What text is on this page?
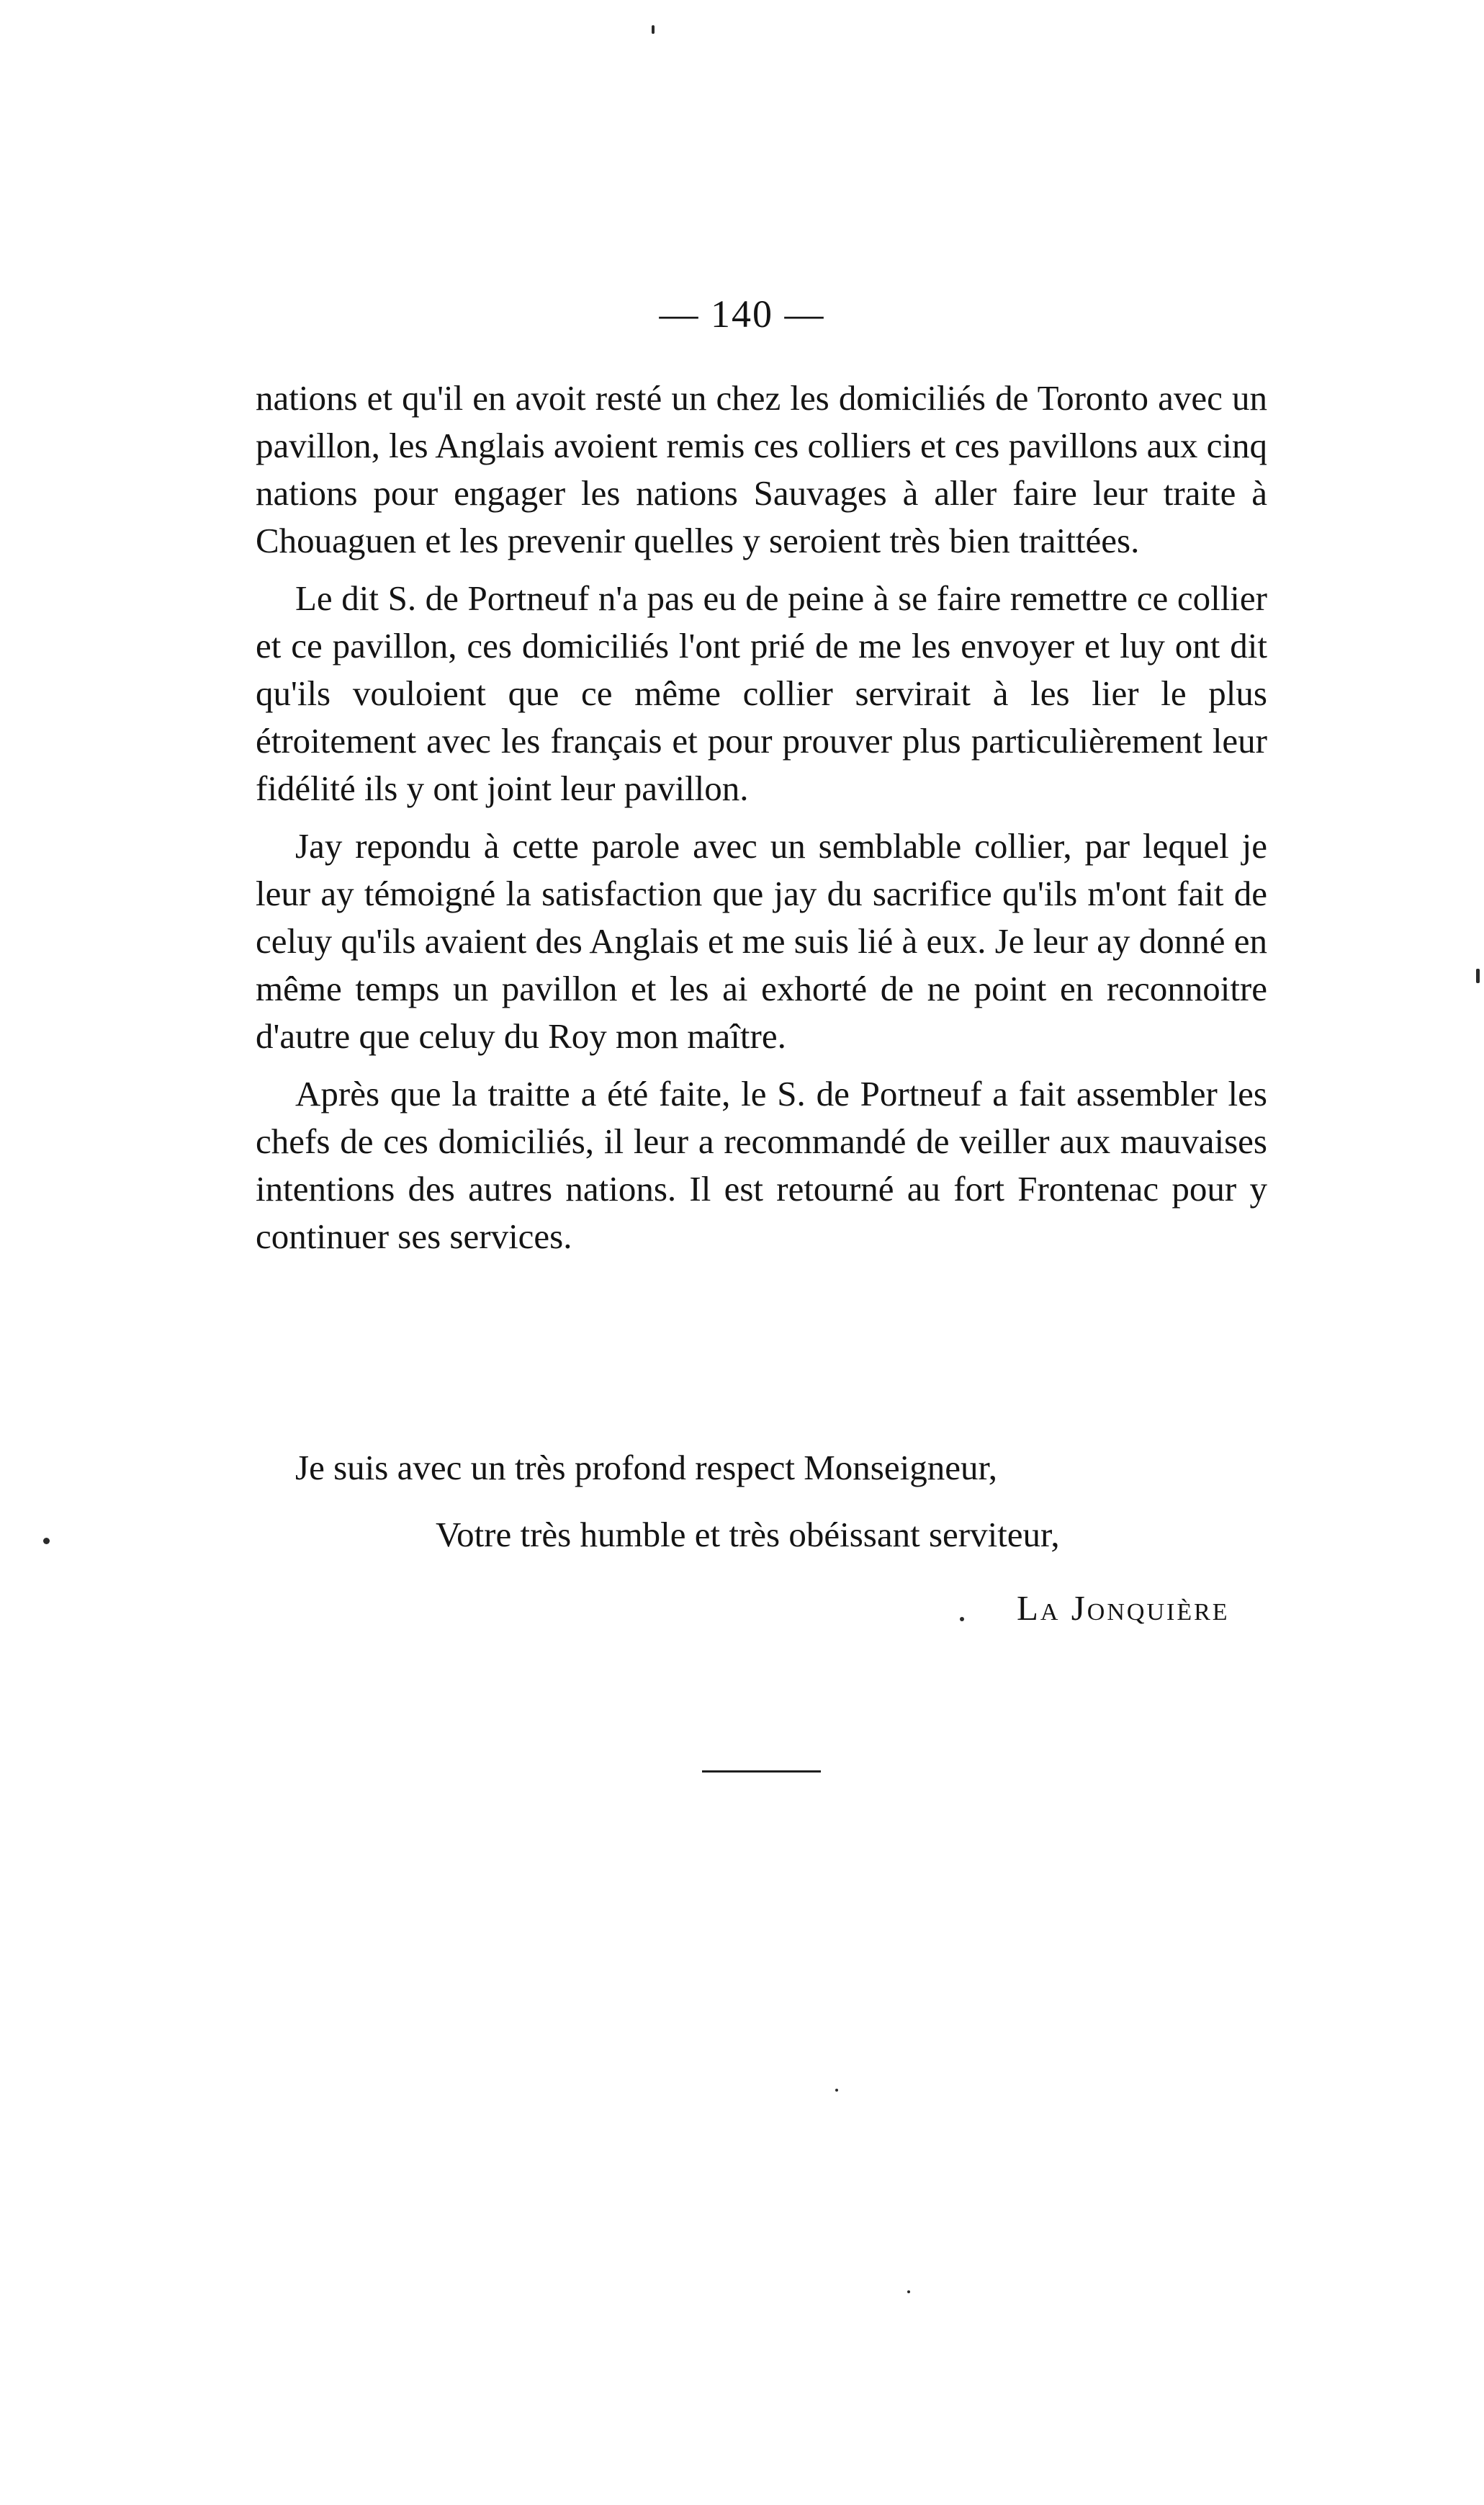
— 140 —

nations et qu'il en avoit resté un chez les domiciliés de Toronto avec un pavillon, les Anglais avoient remis ces colliers et ces pavillons aux cinq nations pour engager les nations Sauvages à aller faire leur traite à Chouaguen et les prevenir quelles y seroient très bien traittées.

Le dit S. de Portneuf n'a pas eu de peine à se faire remettre ce collier et ce pavillon, ces domiciliés l'ont prié de me les envoyer et luy ont dit qu'ils vouloient que ce même collier servirait à les lier le plus étroitement avec les français et pour prouver plus particulièrement leur fidélité ils y ont joint leur pavillon.

Jay repondu à cette parole avec un semblable collier, par lequel je leur ay témoigné la satisfaction que jay du sacrifice qu'ils m'ont fait de celuy qu'ils avaient des Anglais et me suis lié à eux. Je leur ay donné en même temps un pavillon et les ai exhorté de ne point en reconnoitre d'autre que celuy du Roy mon maître.

Après que la traitte a été faite, le S. de Portneuf a fait assembler les chefs de ces domiciliés, il leur a recommandé de veiller aux mauvaises intentions des autres nations. Il est retourné au fort Frontenac pour y continuer ses services.

Je suis avec un très profond respect Monseigneur,
Votre très humble et très obéissant serviteur,
La Jonquière
